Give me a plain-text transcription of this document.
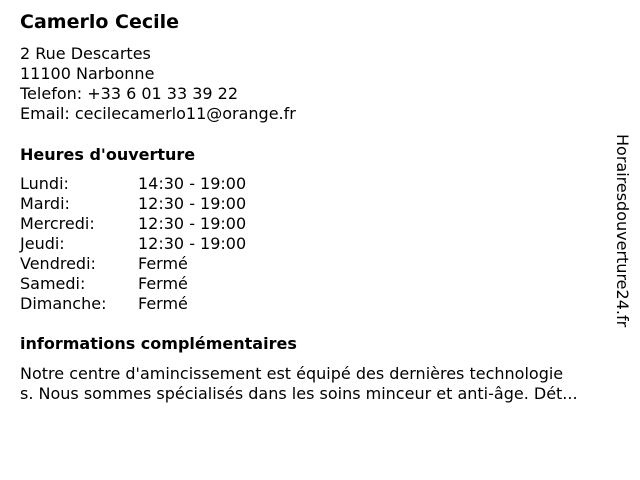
Camerlo Cecile
2 Rue Descartes
11100 Narbonne
Telefon: +33 6 01 33 39 22
Email: cecilecamerlo11@orange.fr
Heures d'ouverture
Lundi:	14:30 - 19:00
Mardi:	12:30 - 19:00
Mercredi:	12:30 - 19:00
Jeudi:	12:30 - 19:00
Vendredi:	Fermé
Samedi:	Fermé
Dimanche:	Fermé
informations complémentaires
Notre centre d'amincissement est équipé des dernières technologie
s. Nous sommes spécialisés dans les soins minceur et anti-âge. Dét...
Horairesdouverture24.fr
